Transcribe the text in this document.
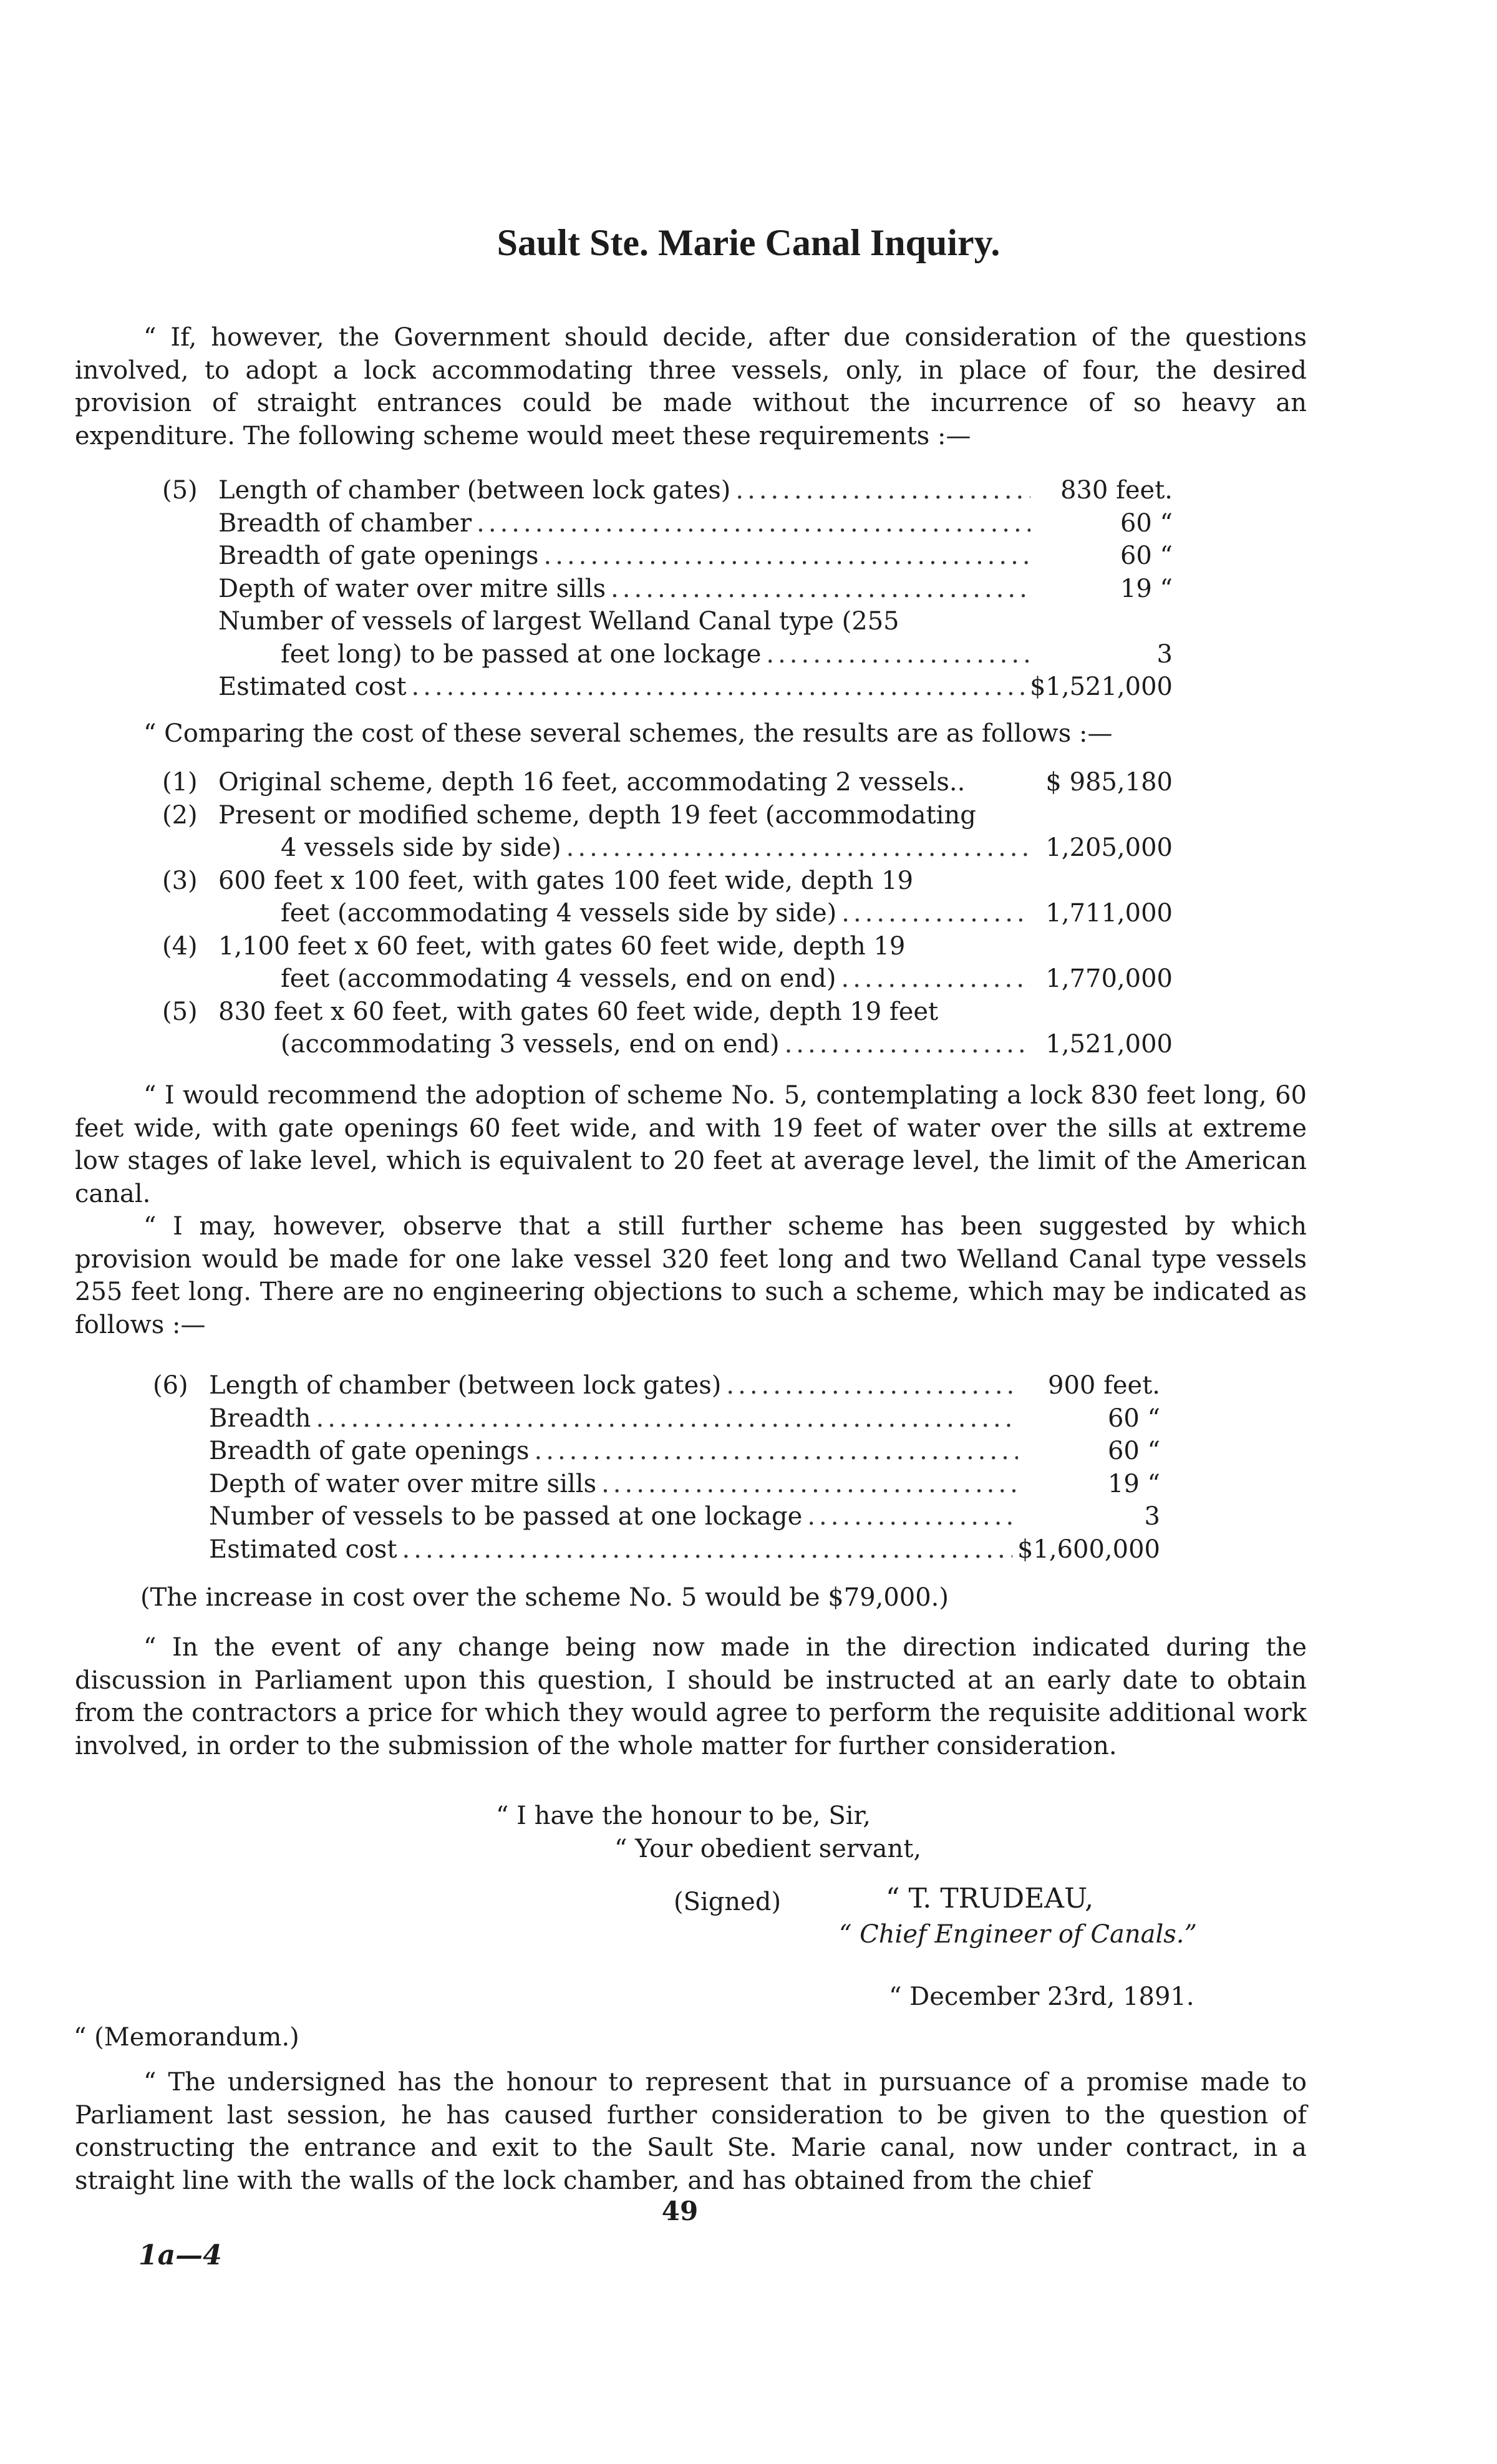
Sault Ste. Marie Canal Inquiry.

“ If, however, the Government should decide, after due consideration of the questions involved, to adopt a lock accommodating three vessels, only, in place of four, the desired provision of straight entrances could be made without the incurrence of so heavy an expenditure. The following scheme would meet these requirements :—

(5) Length of chamber (between lock gates) .....	830 feet.
Breadth of chamber .....	60 “
Breadth of gate openings .....	60 “
Depth of water over mitre sills .....	19 “
Number of vessels of largest Welland Canal type (255
feet long) to be passed at one lockage .....	3
Estimated cost .....	$1,521,000

“ Comparing the cost of these several schemes, the results are as follows :—

(1) Original scheme, depth 16 feet, accommodating 2 vessels..	$ 985,180
(2) Present or modified scheme, depth 19 feet (accommodating
4 vessels side by side) .....	1,205,000
(3) 600 feet x 100 feet, with gates 100 feet wide, depth 19
feet (accommodating 4 vessels side by side) .....	1,711,000
(4) 1,100 feet x 60 feet, with gates 60 feet wide, depth 19
feet (accommodating 4 vessels, end on end) .....	1,770,000
(5) 830 feet x 60 feet, with gates 60 feet wide, depth 19 feet
(accommodating 3 vessels, end on end) .....	1,521,000

“ I would recommend the adoption of scheme No. 5, contemplating a lock 830 feet long, 60 feet wide, with gate openings 60 feet wide, and with 19 feet of water over the sills at extreme low stages of lake level, which is equivalent to 20 feet at average level, the limit of the American canal.

“ I may, however, observe that a still further scheme has been suggested by which provision would be made for one lake vessel 320 feet long and two Welland Canal type vessels 255 feet long. There are no engineering objections to such a scheme, which may be indicated as follows :—

(6) Length of chamber (between lock gates) .....	900 feet.
Breadth .....	60 “
Breadth of gate openings .....	60 “
Depth of water over mitre sills .....	19 “
Number of vessels to be passed at one lockage .....	3
Estimated cost .....	$1,600,000

(The increase in cost over the scheme No. 5 would be $79,000.)

“ In the event of any change being now made in the direction indicated during the discussion in Parliament upon this question, I should be instructed at an early date to obtain from the contractors a price for which they would agree to perform the requisite additional work involved, in order to the submission of the whole matter for further consideration.

“ I have the honour to be, Sir,
“ Your obedient servant,
(Signed)	“ T. TRUDEAU,
“ Chief Engineer of Canals.”
“ December 23rd, 1891.
“ (Memorandum.)

“ The undersigned has the honour to represent that in pursuance of a promise made to Parliament last session, he has caused further consideration to be given to the question of constructing the entrance and exit to the Sault Ste. Marie canal, now under contract, in a straight line with the walls of the lock chamber, and has obtained from the chief

49
1a—4
